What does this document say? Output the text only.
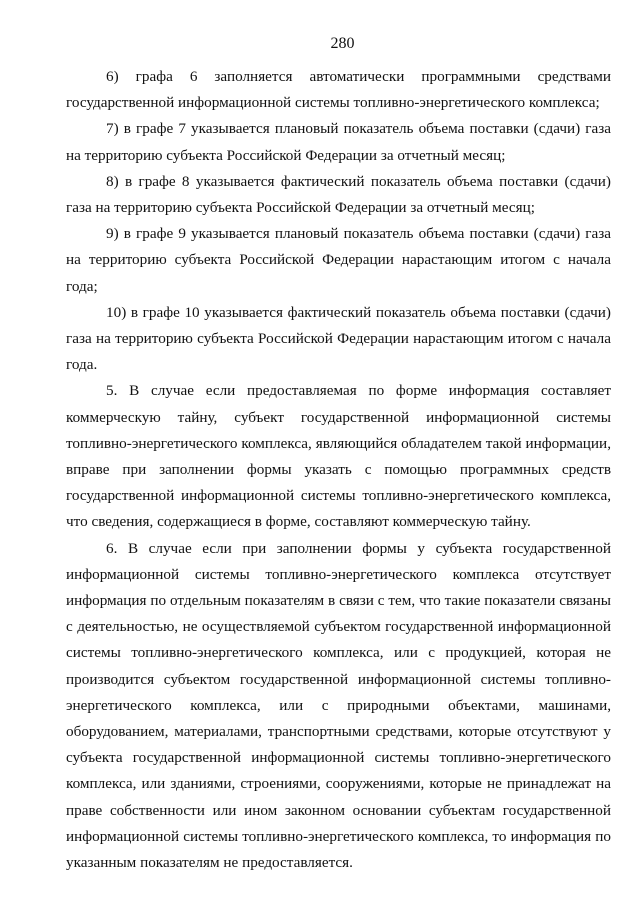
280

6) графа 6 заполняется автоматически программными средствами государственной информационной системы топливно-энергетического комплекса;

7) в графе 7 указывается плановый показатель объема поставки (сдачи) газа на территорию субъекта Российской Федерации за отчетный месяц;

8) в графе 8 указывается фактический показатель объема поставки (сдачи) газа на территорию субъекта Российской Федерации за отчетный месяц;

9) в графе 9 указывается плановый показатель объема поставки (сдачи) газа на территорию субъекта Российской Федерации нарастающим итогом с начала года;

10) в графе 10 указывается фактический показатель объема поставки (сдачи) газа на территорию субъекта Российской Федерации нарастающим итогом с начала года.

5. В случае если предоставляемая по форме информация составляет коммерческую тайну, субъект государственной информационной системы топливно-энергетического комплекса, являющийся обладателем такой информации, вправе при заполнении формы указать с помощью программных средств государственной информационной системы топливно-энергетического комплекса, что сведения, содержащиеся в форме, составляют коммерческую тайну.

6. В случае если при заполнении формы у субъекта государственной информационной системы топливно-энергетического комплекса отсутствует информация по отдельным показателям в связи с тем, что такие показатели связаны с деятельностью, не осуществляемой субъектом государственной информационной системы топливно-энергетического комплекса, или с продукцией, которая не производится субъектом государственной информационной системы топливно-энергетического комплекса, или с природными объектами, машинами, оборудованием, материалами, транспортными средствами, которые отсутствуют у субъекта государственной информационной системы топливно-энергетического комплекса, или зданиями, строениями, сооружениями, которые не принадлежат на праве собственности или ином законном основании субъектам государственной информационной системы топливно-энергетического комплекса, то информация по указанным показателям не предоставляется.
